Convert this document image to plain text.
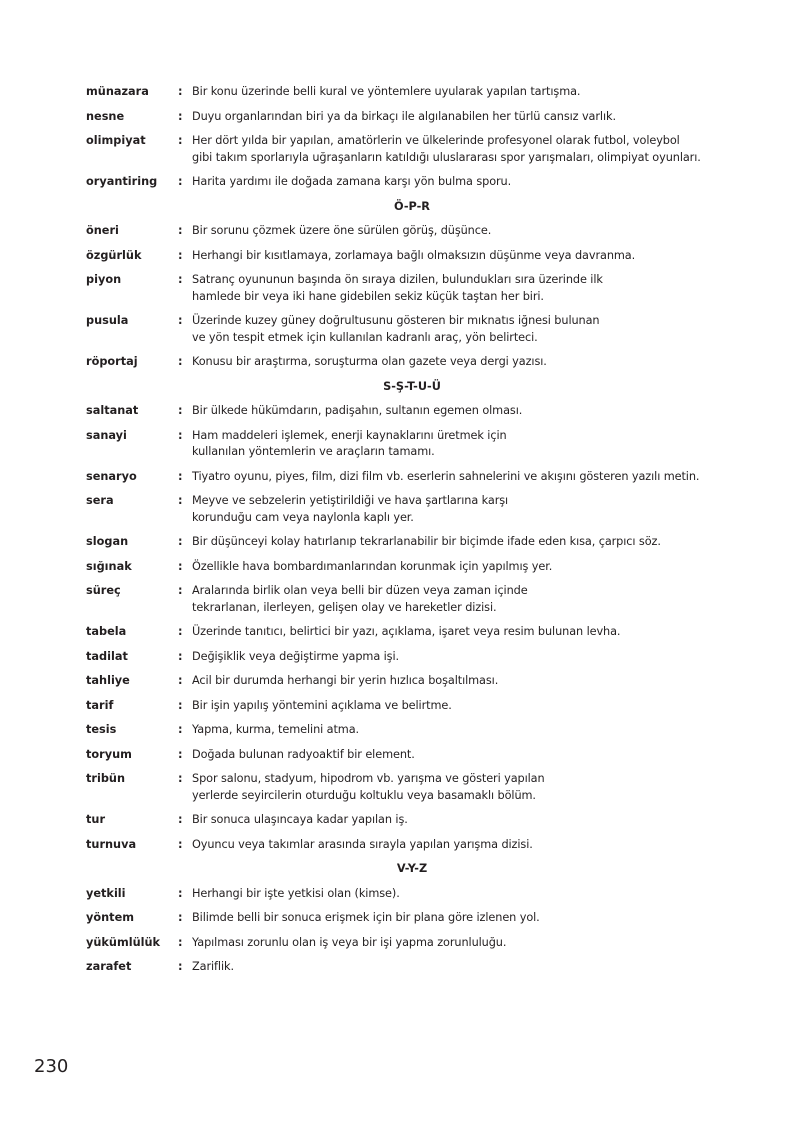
münazara	: Bir konu üzerinde belli kural ve yöntemlere uyularak yapılan tartışma.
nesne	: Duyu organlarından biri ya da birkaçı ile algılanabilen her türlü cansız varlık.
olimpiyat	: Her dört yılda bir yapılan, amatörlerin ve ülkelerinde profesyonel olarak futbol, voleybol
gibi takım sporlarıyla uğraşanların katıldığı uluslararası spor yarışmaları, olimpiyat oyunları.
oryantiring	: Harita yardımı ile doğada zamana karşı yön bulma sporu.
Ö-P-R
öneri	: Bir sorunu çözmek üzere öne sürülen görüş, düşünce.
özgürlük	: Herhangi bir kısıtlamaya, zorlamaya bağlı olmaksızın düşünme veya davranma.
piyon	: Satranç oyununun başında ön sıraya dizilen, bulundukları sıra üzerinde ilk
hamlede bir veya iki hane gidebilen sekiz küçük taştan her biri.
pusula	: Üzerinde kuzey güney doğrultusunu gösteren bir mıknatıs iğnesi bulunan
ve yön tespit etmek için kullanılan kadranlı araç, yön belirteci.
röportaj	: Konusu bir araştırma, soruşturma olan gazete veya dergi yazısı.
S-Ş-T-U-Ü
saltanat	: Bir ülkede hükümdarın, padişahın, sultanın egemen olması.
sanayi	: Ham maddeleri işlemek, enerji kaynaklarını üretmek için
kullanılan yöntemlerin ve araçların tamamı.
senaryo	: Tiyatro oyunu, piyes, film, dizi film vb. eserlerin sahnelerini ve akışını gösteren yazılı metin.
sera	: Meyve ve sebzelerin yetiştirildiği ve hava şartlarına karşı
korunduğu cam veya naylonla kaplı yer.
slogan	: Bir düşünceyi kolay hatırlanıp tekrarlanabilir bir biçimde ifade eden kısa, çarpıcı söz.
sığınak	: Özellikle hava bombardımanlarından korunmak için yapılmış yer.
süreç	: Aralarında birlik olan veya belli bir düzen veya zaman içinde
tekrarlanan, ilerleyen, gelişen olay ve hareketler dizisi.
tabela	: Üzerinde tanıtıcı, belirtici bir yazı, açıklama, işaret veya resim bulunan levha.
tadilat	: Değişiklik veya değiştirme yapma işi.
tahliye	: Acil bir durumda herhangi bir yerin hızlıca boşaltılması.
tarif	: Bir işin yapılış yöntemini açıklama ve belirtme.
tesis	: Yapma, kurma, temelini atma.
toryum	: Doğada bulunan radyoaktif bir element.
tribün	: Spor salonu, stadyum, hipodrom vb. yarışma ve gösteri yapılan
yerlerde seyircilerin oturduğu koltuklu veya basamaklı bölüm.
tur	: Bir sonuca ulaşıncaya kadar yapılan iş.
turnuva	: Oyuncu veya takımlar arasında sırayla yapılan yarışma dizisi.
V-Y-Z
yetkili	: Herhangi bir işte yetkisi olan (kimse).
yöntem	: Bilimde belli bir sonuca erişmek için bir plana göre izlenen yol.
yükümlülük	: Yapılması zorunlu olan iş veya bir işi yapma zorunluluğu.
zarafet	: Zariflik.
230
